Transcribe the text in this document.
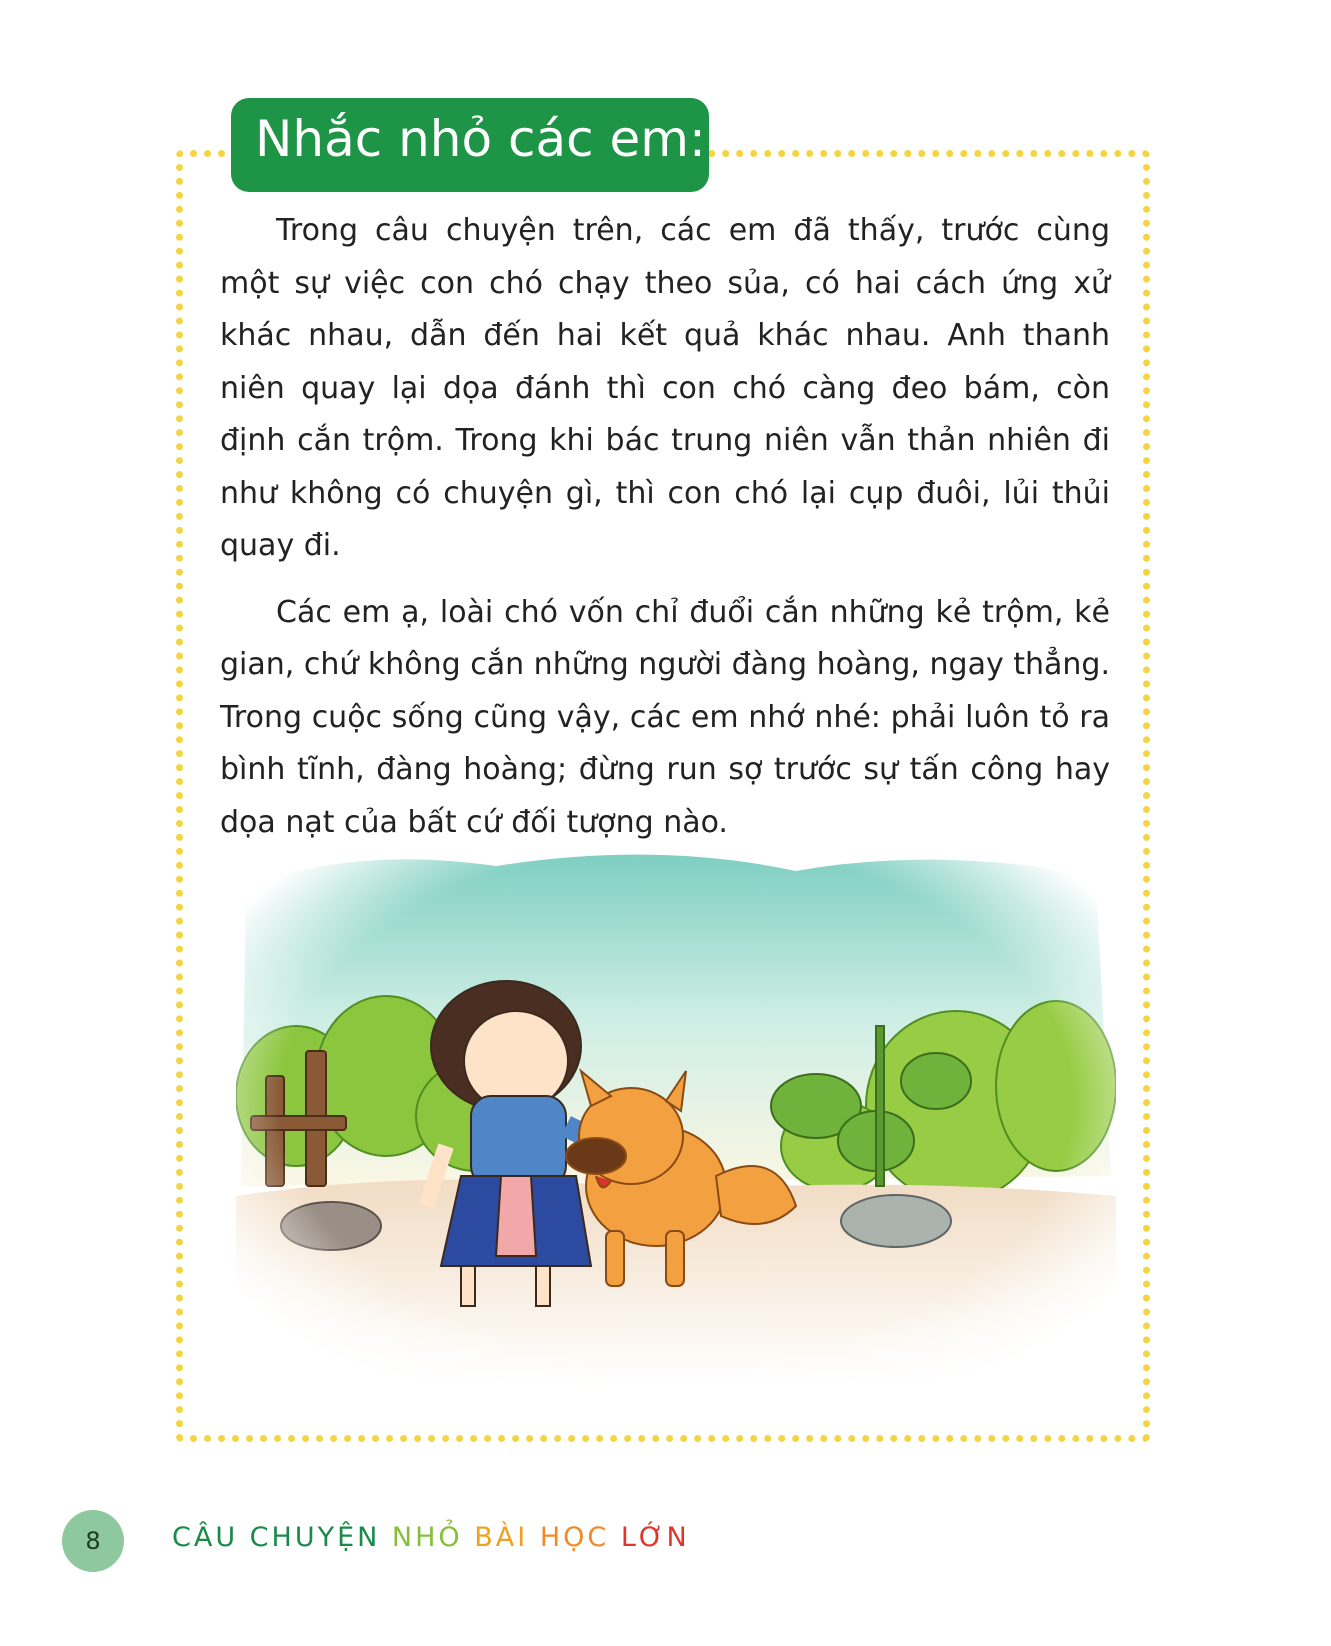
Nhắc nhỏ các em:

Trong câu chuyện trên, các em đã thấy, trước cùng một sự việc con chó chạy theo sủa, có hai cách ứng xử khác nhau, dẫn đến hai kết quả khác nhau. Anh thanh niên quay lại dọa đánh thì con chó càng đeo bám, còn định cắn trộm. Trong khi bác trung niên vẫn thản nhiên đi như không có chuyện gì, thì con chó lại cụp đuôi, lủi thủi quay đi.

Các em ạ, loài chó vốn chỉ đuổi cắn những kẻ trộm, kẻ gian, chứ không cắn những người đàng hoàng, ngay thẳng. Trong cuộc sống cũng vậy, các em nhớ nhé: phải luôn tỏ ra bình tĩnh, đàng hoàng; đừng run sợ trước sự tấn công hay dọa nạt của bất cứ đối tượng nào.

8	CÂU CHUYỆN NHỎ BÀI HỌC LỚN
